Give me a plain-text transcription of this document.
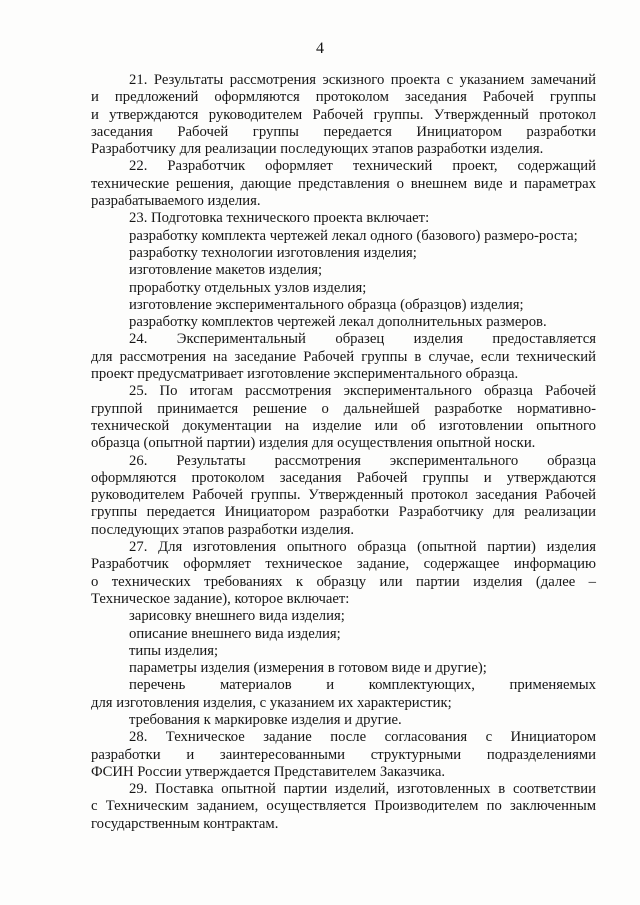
4

21. Результаты рассмотрения эскизного проекта с указанием замечаний

и предложений оформляются протоколом заседания Рабочей группы

и утверждаются руководителем Рабочей группы. Утвержденный протокол

заседания Рабочей группы передается Инициатором разработки

Разработчику для реализации последующих этапов разработки изделия.

22. Разработчик оформляет технический проект, содержащий

технические решения, дающие представления о внешнем виде и параметрах

разрабатываемого изделия.

23. Подготовка технического проекта включает:

разработку комплекта чертежей лекал одного (базового) размеро-роста;

разработку технологии изготовления изделия;

изготовление макетов изделия;

проработку отдельных узлов изделия;

изготовление экспериментального образца (образцов) изделия;

разработку комплектов чертежей лекал дополнительных размеров.

24. Экспериментальный образец изделия предоставляется

для рассмотрения на заседание Рабочей группы в случае, если технический

проект предусматривает изготовление экспериментального образца.

25. По итогам рассмотрения экспериментального образца Рабочей

группой принимается решение о дальнейшей разработке нормативно-

технической документации на изделие или об изготовлении опытного

образца (опытной партии) изделия для осуществления опытной носки.

26. Результаты рассмотрения экспериментального образца

оформляются протоколом заседания Рабочей группы и утверждаются

руководителем Рабочей группы. Утвержденный протокол заседания Рабочей

группы передается Инициатором разработки Разработчику для реализации

последующих этапов разработки изделия.

27. Для изготовления опытного образца (опытной партии) изделия

Разработчик оформляет техническое задание, содержащее информацию

о технических требованиях к образцу или партии изделия (далее –

Техническое задание), которое включает:

зарисовку внешнего вида изделия;

описание внешнего вида изделия;

типы изделия;

параметры изделия (измерения в готовом виде и другие);

перечень материалов и комплектующих, применяемых

для изготовления изделия, с указанием их характеристик;

требования к маркировке изделия и другие.

28. Техническое задание после согласования с Инициатором

разработки и заинтересованными структурными подразделениями

ФСИН России утверждается Представителем Заказчика.

29. Поставка опытной партии изделий, изготовленных в соответствии

с Техническим заданием, осуществляется Производителем по заключенным

государственным контрактам.
